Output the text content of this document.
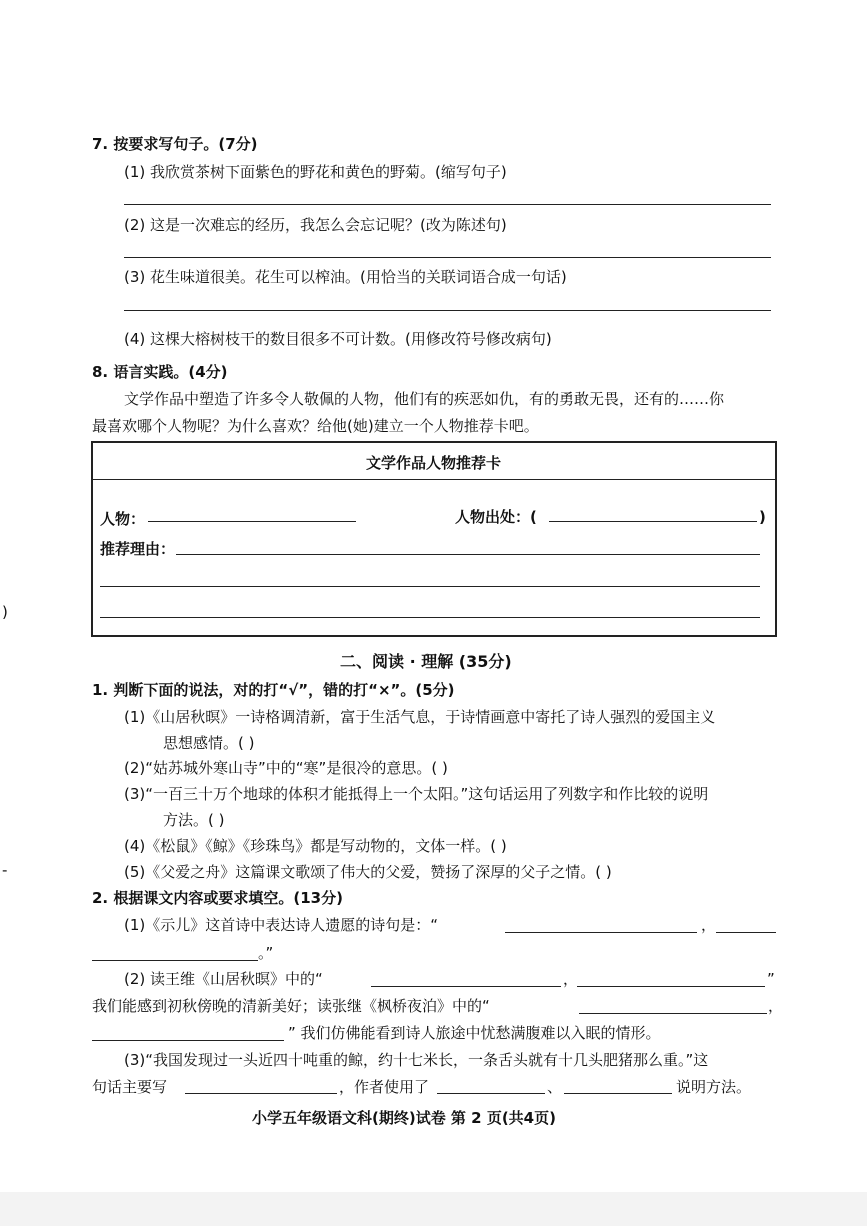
7. 按要求写句子。(7分)
(1) 我欣赏茶树下面紫色的野花和黄色的野菊。(缩写句子)
(2) 这是一次难忘的经历，我怎么会忘记呢？(改为陈述句)
(3) 花生味道很美。花生可以榨油。(用恰当的关联词语合成一句话)
(4) 这棵大榕树枝干的数目很多不可计数。(用修改符号修改病句)
8. 语言实践。(4分)
文学作品中塑造了许多令人敬佩的人物，他们有的疾恶如仇，有的勇敢无畏，还有的……你
最喜欢哪个人物呢？为什么喜欢？给他(她)建立一个人物推荐卡吧。
文学作品人物推荐卡
人物：	人物出处：(	)
推荐理由：
二、阅读 · 理解 (35分)
1. 判断下面的说法，对的打“√”，错的打“×”。(5分)
(1)《山居秋暝》一诗格调清新，富于生活气息，于诗情画意中寄托了诗人强烈的爱国主义
思想感情。( )
(2)“姑苏城外寒山寺”中的“寒”是很冷的意思。( )
(3)“一百三十万个地球的体积才能抵得上一个太阳。”这句话运用了列数字和作比较的说明
方法。( )
(4)《松鼠》《鲸》《珍珠鸟》都是写动物的，文体一样。( )
(5)《父爱之舟》这篇课文歌颂了伟大的父爱，赞扬了深厚的父子之情。( )
2. 根据课文内容或要求填空。(13分)
(1)《示儿》这首诗中表达诗人遗愿的诗句是：“	，
。”
(2) 读王维《山居秋暝》中的“	，	”
我们能感到初秋傍晚的清新美好；读张继《枫桥夜泊》中的“	，
” 我们仿佛能看到诗人旅途中忧愁满腹难以入眠的情形。
(3)“我国发现过一头近四十吨重的鲸，约十七米长，一条舌头就有十几头肥猪那么重。”这
句话主要写	，作者使用了	、	说明方法。
小学五年级语文科(期终)试卷 第 2 页(共4页)
)
-
